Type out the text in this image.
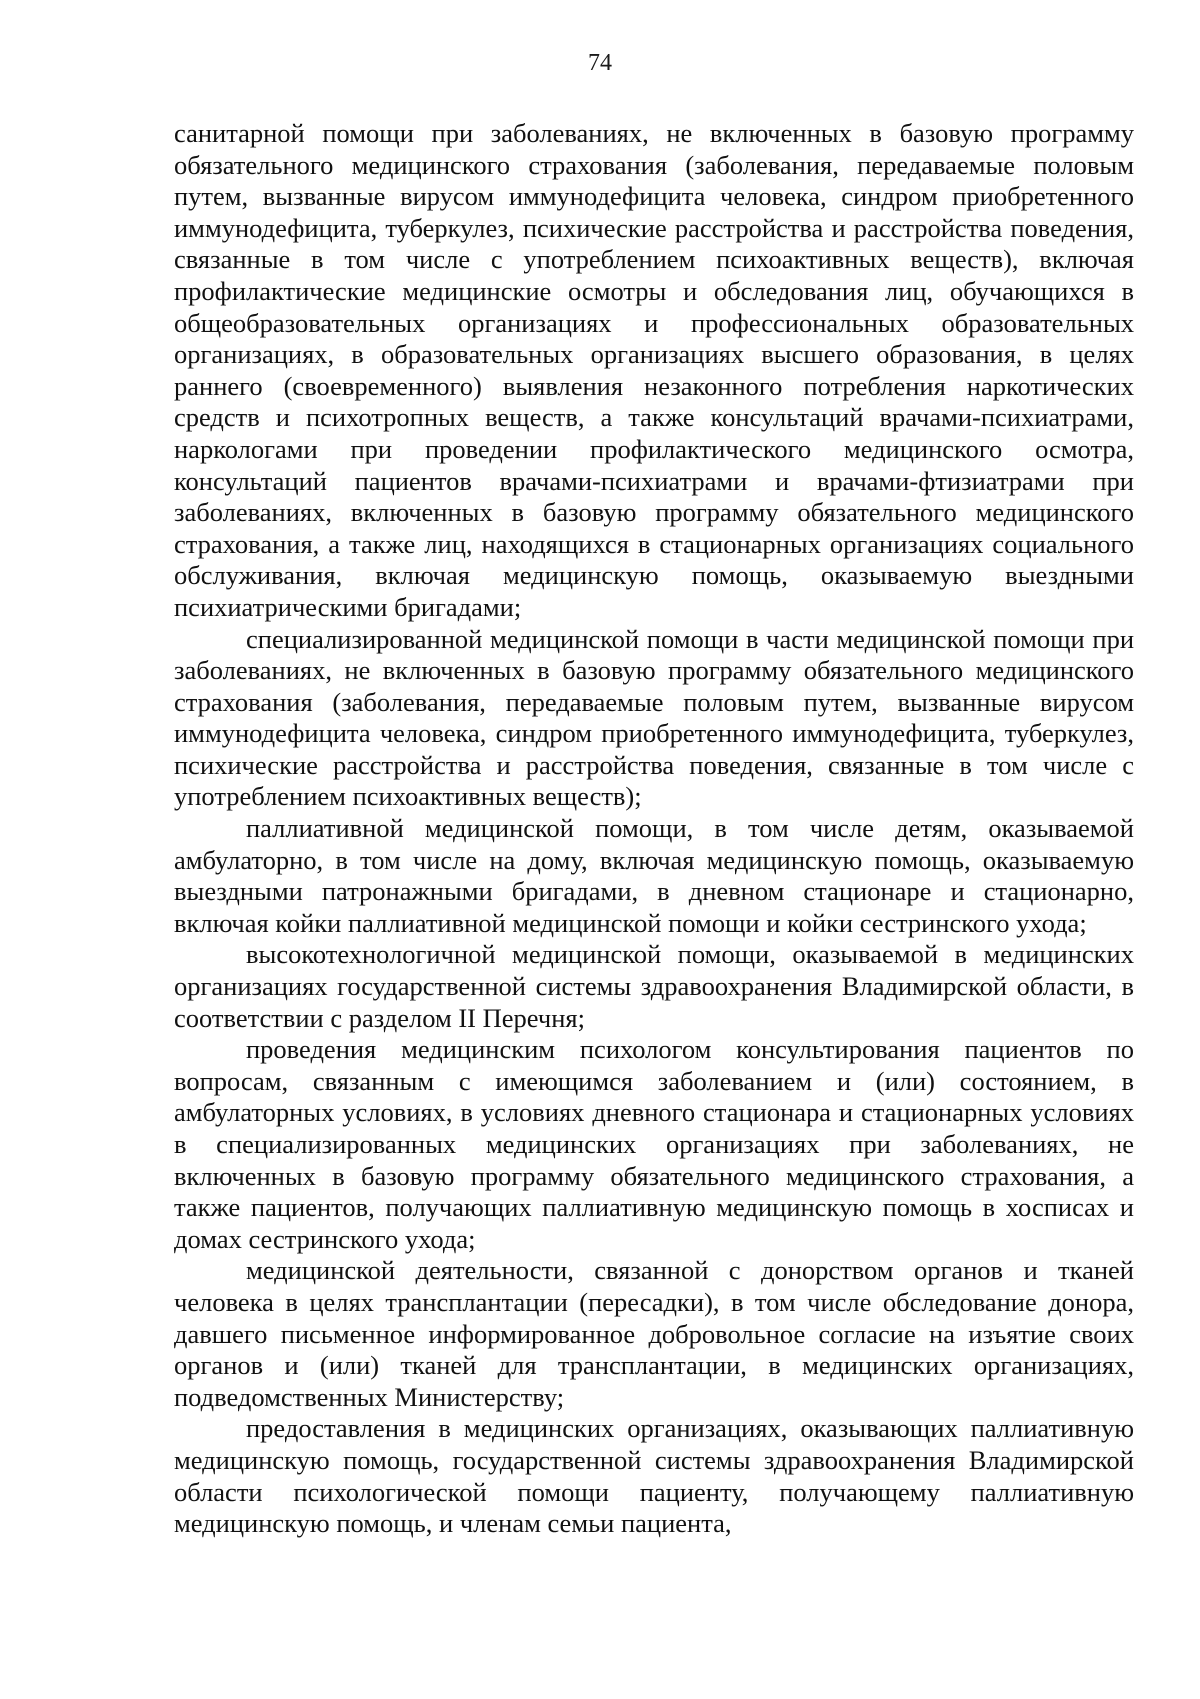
74

санитарной помощи при заболеваниях, не включенных в базовую программу обязательного медицинского страхования (заболевания, передаваемые половым путем, вызванные вирусом иммунодефицита человека, синдром приобретенного иммунодефицита, туберкулез, психические расстройства и расстройства поведения, связанные в том числе с употреблением психоактивных веществ), включая профилактические медицинские осмотры и обследования лиц, обучающихся в общеобразовательных организациях и профессиональных образовательных организациях, в образовательных организациях высшего образования, в целях раннего (своевременного) выявления незаконного потребления наркотических средств и психотропных веществ, а также консультаций врачами-психиатрами, наркологами при проведении профилактического медицинского осмотра, консультаций пациентов врачами-психиатрами и врачами-фтизиатрами при заболеваниях, включенных в базовую программу обязательного медицинского страхования, а также лиц, находящихся в стационарных организациях социального обслуживания, включая медицинскую помощь, оказываемую выездными психиатрическими бригадами;

специализированной медицинской помощи в части медицинской помощи при заболеваниях, не включенных в базовую программу обязательного медицинского страхования (заболевания, передаваемые половым путем, вызванные вирусом иммунодефицита человека, синдром приобретенного иммунодефицита, туберкулез, психические расстройства и расстройства поведения, связанные в том числе с употреблением психоактивных веществ);

паллиативной медицинской помощи, в том числе детям, оказываемой амбулаторно, в том числе на дому, включая медицинскую помощь, оказываемую выездными патронажными бригадами, в дневном стационаре и стационарно, включая койки паллиативной медицинской помощи и койки сестринского ухода;

высокотехнологичной медицинской помощи, оказываемой в медицинских организациях государственной системы здравоохранения Владимирской области, в соответствии с разделом II Перечня;

проведения медицинским психологом консультирования пациентов по вопросам, связанным с имеющимся заболеванием и (или) состоянием, в амбулаторных условиях, в условиях дневного стационара и стационарных условиях в специализированных медицинских организациях при заболеваниях, не включенных в базовую программу обязательного медицинского страхования, а также пациентов, получающих паллиативную медицинскую помощь в хосписах и домах сестринского ухода;

медицинской деятельности, связанной с донорством органов и тканей человека в целях трансплантации (пересадки), в том числе обследование донора, давшего письменное информированное добровольное согласие на изъятие своих органов и (или) тканей для трансплантации, в медицинских организациях, подведомственных Министерству;

предоставления в медицинских организациях, оказывающих паллиативную медицинскую помощь, государственной системы здравоохранения Владимирской области психологической помощи пациенту, получающему паллиативную медицинскую помощь, и членам семьи пациента,
